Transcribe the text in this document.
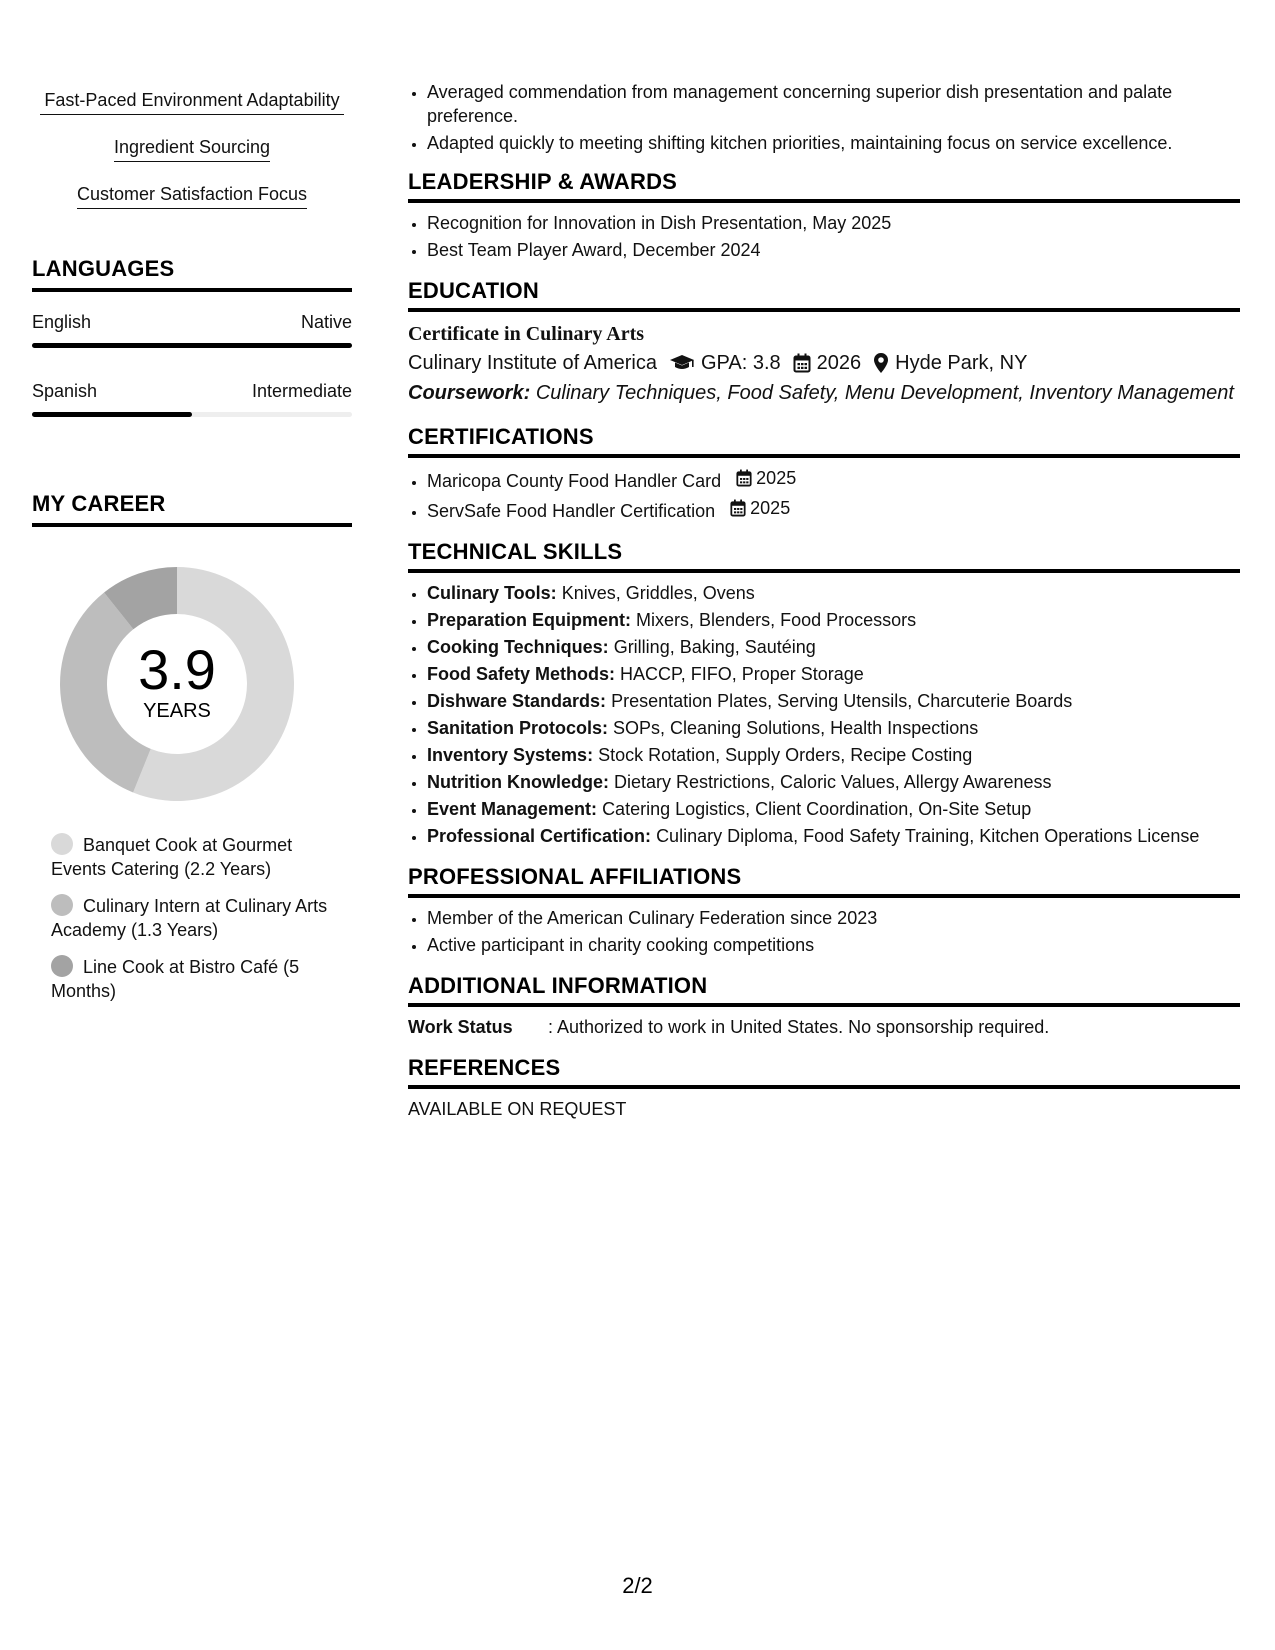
Fast-Paced Environment Adaptability
Ingredient Sourcing
Customer Satisfaction Focus
LANGUAGES
English	Native
Spanish	Intermediate
MY CAREER
3.9
YEARS
Banquet Cook at Gourmet Events Catering (2.2 Years)
Culinary Intern at Culinary Arts Academy (1.3 Years)
Line Cook at Bistro Café (5 Months)
• Averaged commendation from management concerning superior dish presentation and palate preference.
• Adapted quickly to meeting shifting kitchen priorities, maintaining focus on service excellence.
LEADERSHIP & AWARDS
• Recognition for Innovation in Dish Presentation, May 2025
• Best Team Player Award, December 2024
EDUCATION
Certificate in Culinary Arts
Culinary Institute of America GPA: 3.8 2026 Hyde Park, NY
Coursework: Culinary Techniques, Food Safety, Menu Development, Inventory Management
CERTIFICATIONS
• Maricopa County Food Handler Card 2025
• ServSafe Food Handler Certification 2025
TECHNICAL SKILLS
• Culinary Tools: Knives, Griddles, Ovens
• Preparation Equipment: Mixers, Blenders, Food Processors
• Cooking Techniques: Grilling, Baking, Sautéing
• Food Safety Methods: HACCP, FIFO, Proper Storage
• Dishware Standards: Presentation Plates, Serving Utensils, Charcuterie Boards
• Sanitation Protocols: SOPs, Cleaning Solutions, Health Inspections
• Inventory Systems: Stock Rotation, Supply Orders, Recipe Costing
• Nutrition Knowledge: Dietary Restrictions, Caloric Values, Allergy Awareness
• Event Management: Catering Logistics, Client Coordination, On-Site Setup
• Professional Certification: Culinary Diploma, Food Safety Training, Kitchen Operations License
PROFESSIONAL AFFILIATIONS
• Member of the American Culinary Federation since 2023
• Active participant in charity cooking competitions
ADDITIONAL INFORMATION
Work Status : Authorized to work in United States. No sponsorship required.
REFERENCES
AVAILABLE ON REQUEST
2/2
